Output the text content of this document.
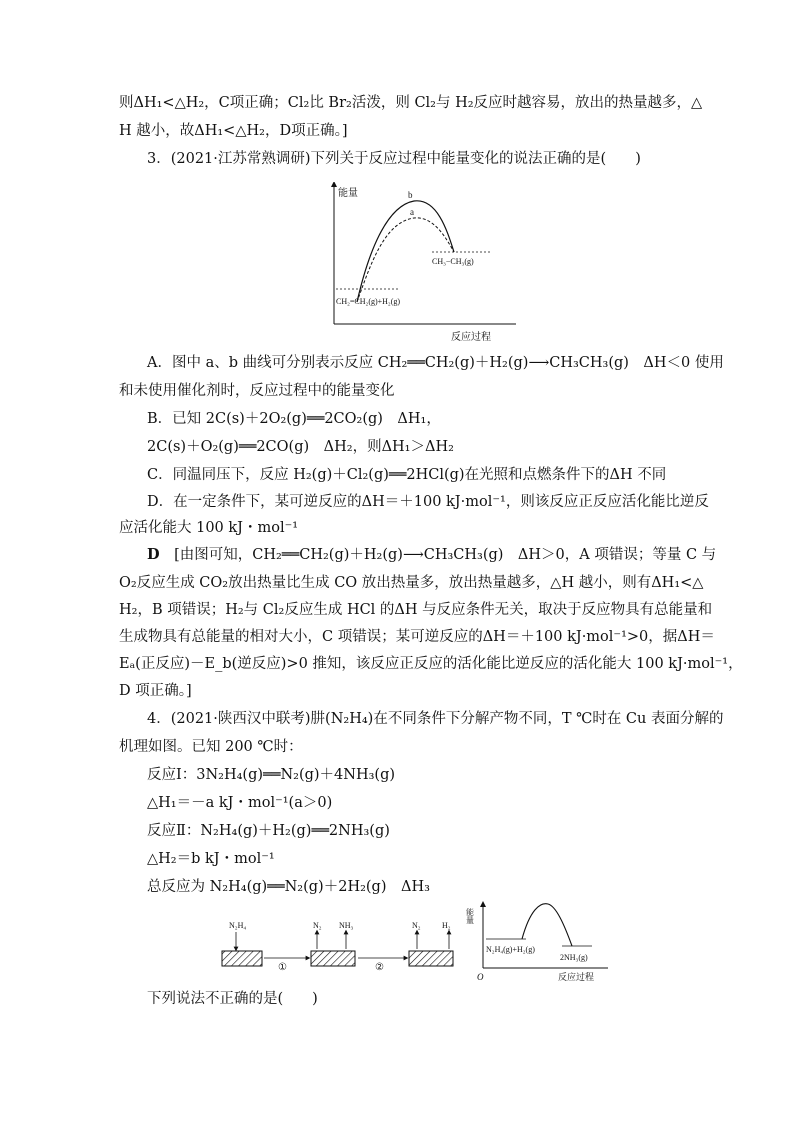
则ΔH₁<△H₂，C项正确；Cl₂比 Br₂活泼，则 Cl₂与 H₂反应时越容易，放出的热量越多，△
H 越小，故ΔH₁<△H₂，D项正确。]
3．(2021·江苏常熟调研)下列关于反应过程中能量变化的说法正确的是(　　)
能量
反应过程
b
a
CH₃−CH₃(g)
CH₂=CH₂(g)+H₂(g)
A．图中 a、b 曲线可分别表示反应 CH₂══CH₂(g)＋H₂(g)⟶CH₃CH₃(g)　ΔH＜0 使用
和未使用催化剂时，反应过程中的能量变化
B．已知 2C(s)＋2O₂(g)══2CO₂(g)　ΔH₁，
2C(s)＋O₂(g)══2CO(g)　ΔH₂，则ΔH₁＞ΔH₂
C．同温同压下，反应 H₂(g)＋Cl₂(g)══2HCl(g)在光照和点燃条件下的ΔH 不同
D．在一定条件下，某可逆反应的ΔH＝＋100 kJ·mol⁻¹，则该反应正反应活化能比逆反
应活化能大 100 kJ・mol⁻¹
D　 [由图可知，CH₂══CH₂(g)＋H₂(g)⟶CH₃CH₃(g)　ΔH＞0，A 项错误；等量 C 与
O₂反应生成 CO₂放出热量比生成 CO 放出热量多，放出热量越多，△H 越小，则有ΔH₁<△
H₂，B 项错误；H₂与 Cl₂反应生成 HCl 的ΔH 与反应条件无关，取决于反应物具有总能量和
生成物具有总能量的相对大小，C 项错误；某可逆反应的ΔH＝＋100 kJ·mol⁻¹>0，据ΔH＝
Eₐ(正反应)－E_b(逆反应)>0 推知，该反应正反应的活化能比逆反应的活化能大 100 kJ·mol⁻¹，
D 项正确。]
4．(2021·陕西汉中联考)肼(N₂H₄)在不同条件下分解产物不同，T ℃时在 Cu 表面分解的
机理如图。已知 200 ℃时：
反应Ⅰ：3N₂H₄(g)══N₂(g)＋4NH₃(g)
△H₁＝－a kJ・mol⁻¹(a＞0)
反应Ⅱ：N₂H₄(g)＋H₂(g)══2NH₃(g)
△H₂＝b kJ・mol⁻¹
总反应为 N₂H₄(g)══N₂(g)＋2H₂(g)　ΔH₃
N₂H₄
①
N₂ NH₃
②
N₂	H₂
能量
O	反应过程
N₂H₄(g)+H₂(g)
2NH₃(g)
下列说法不正确的是(　　)
